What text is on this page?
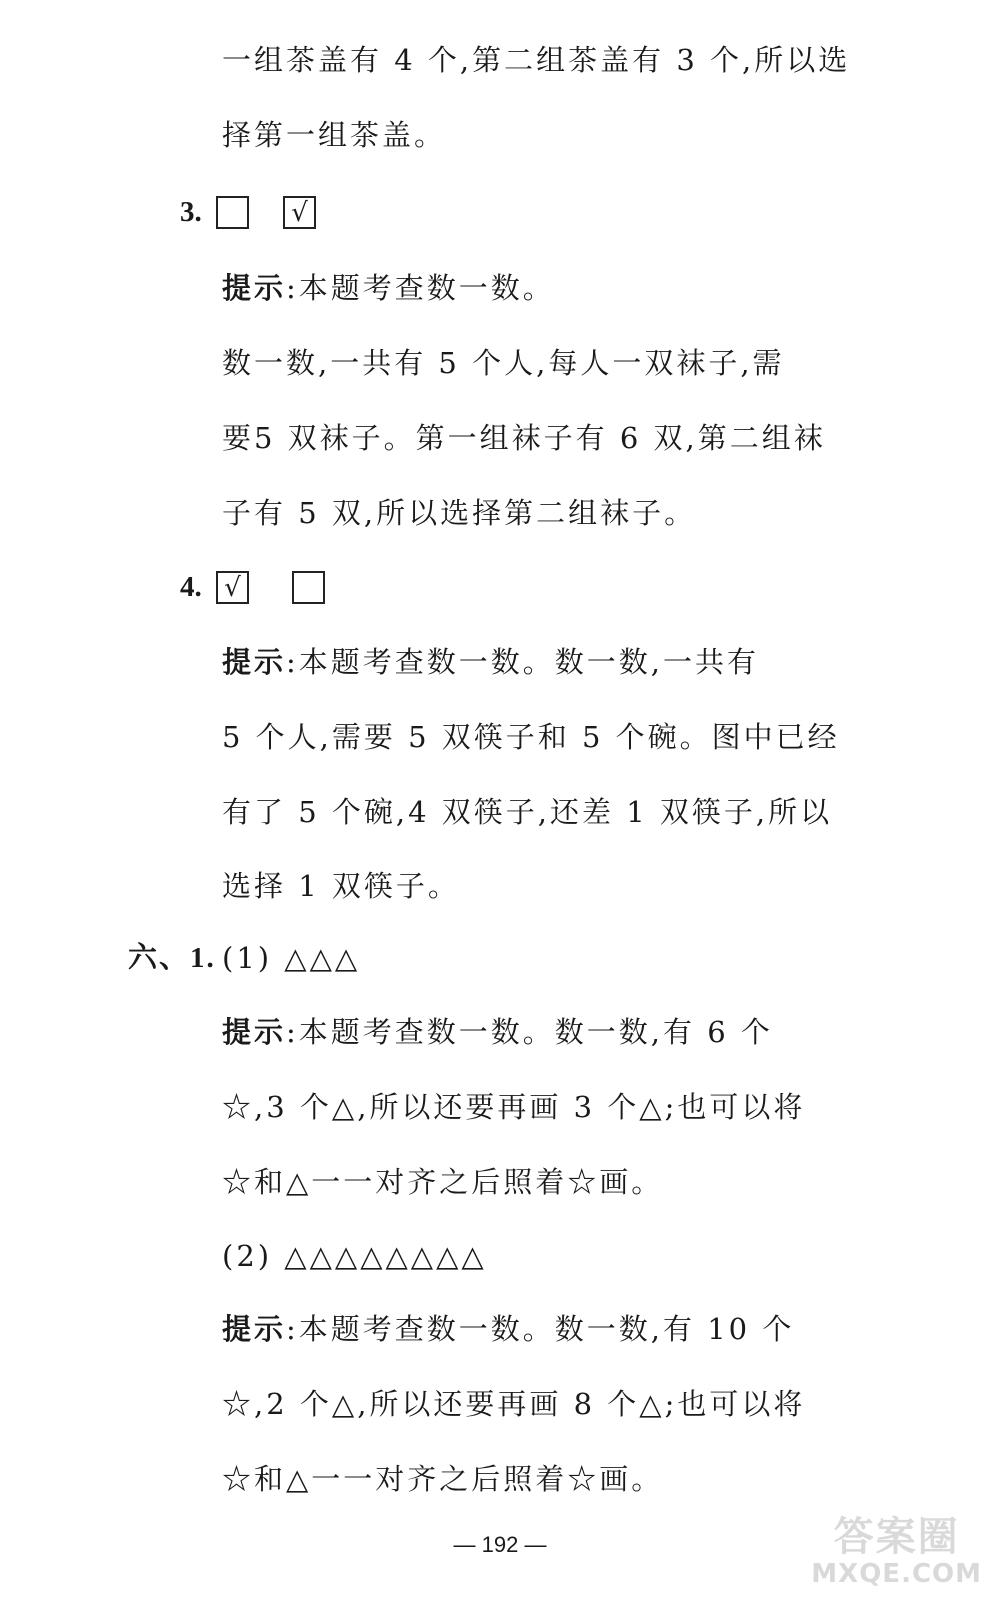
一组茶盖有 4 个,第二组茶盖有 3 个,所以选
择第一组茶盖。
3.	√
提示:本题考查数一数。
数一数,一共有 5 个人,每人一双袜子,需
要5 双袜子。第一组袜子有 6 双,第二组袜
子有 5 双,所以选择第二组袜子。
4. √
提示:本题考查数一数。数一数,一共有
5 个人,需要 5 双筷子和 5 个碗。图中已经
有了 5 个碗,4 双筷子,还差 1 双筷子,所以
选择 1 双筷子。
六、1. (1) △△△
提示:本题考查数一数。数一数,有 6 个
☆,3 个△,所以还要再画 3 个△;也可以将
☆和△一一对齐之后照着☆画。
(2) △△△△△△△△
提示:本题考查数一数。数一数,有 10 个
☆,2 个△,所以还要再画 8 个△;也可以将
☆和△一一对齐之后照着☆画。
— 192 —	答案圈
MXQE.COM
